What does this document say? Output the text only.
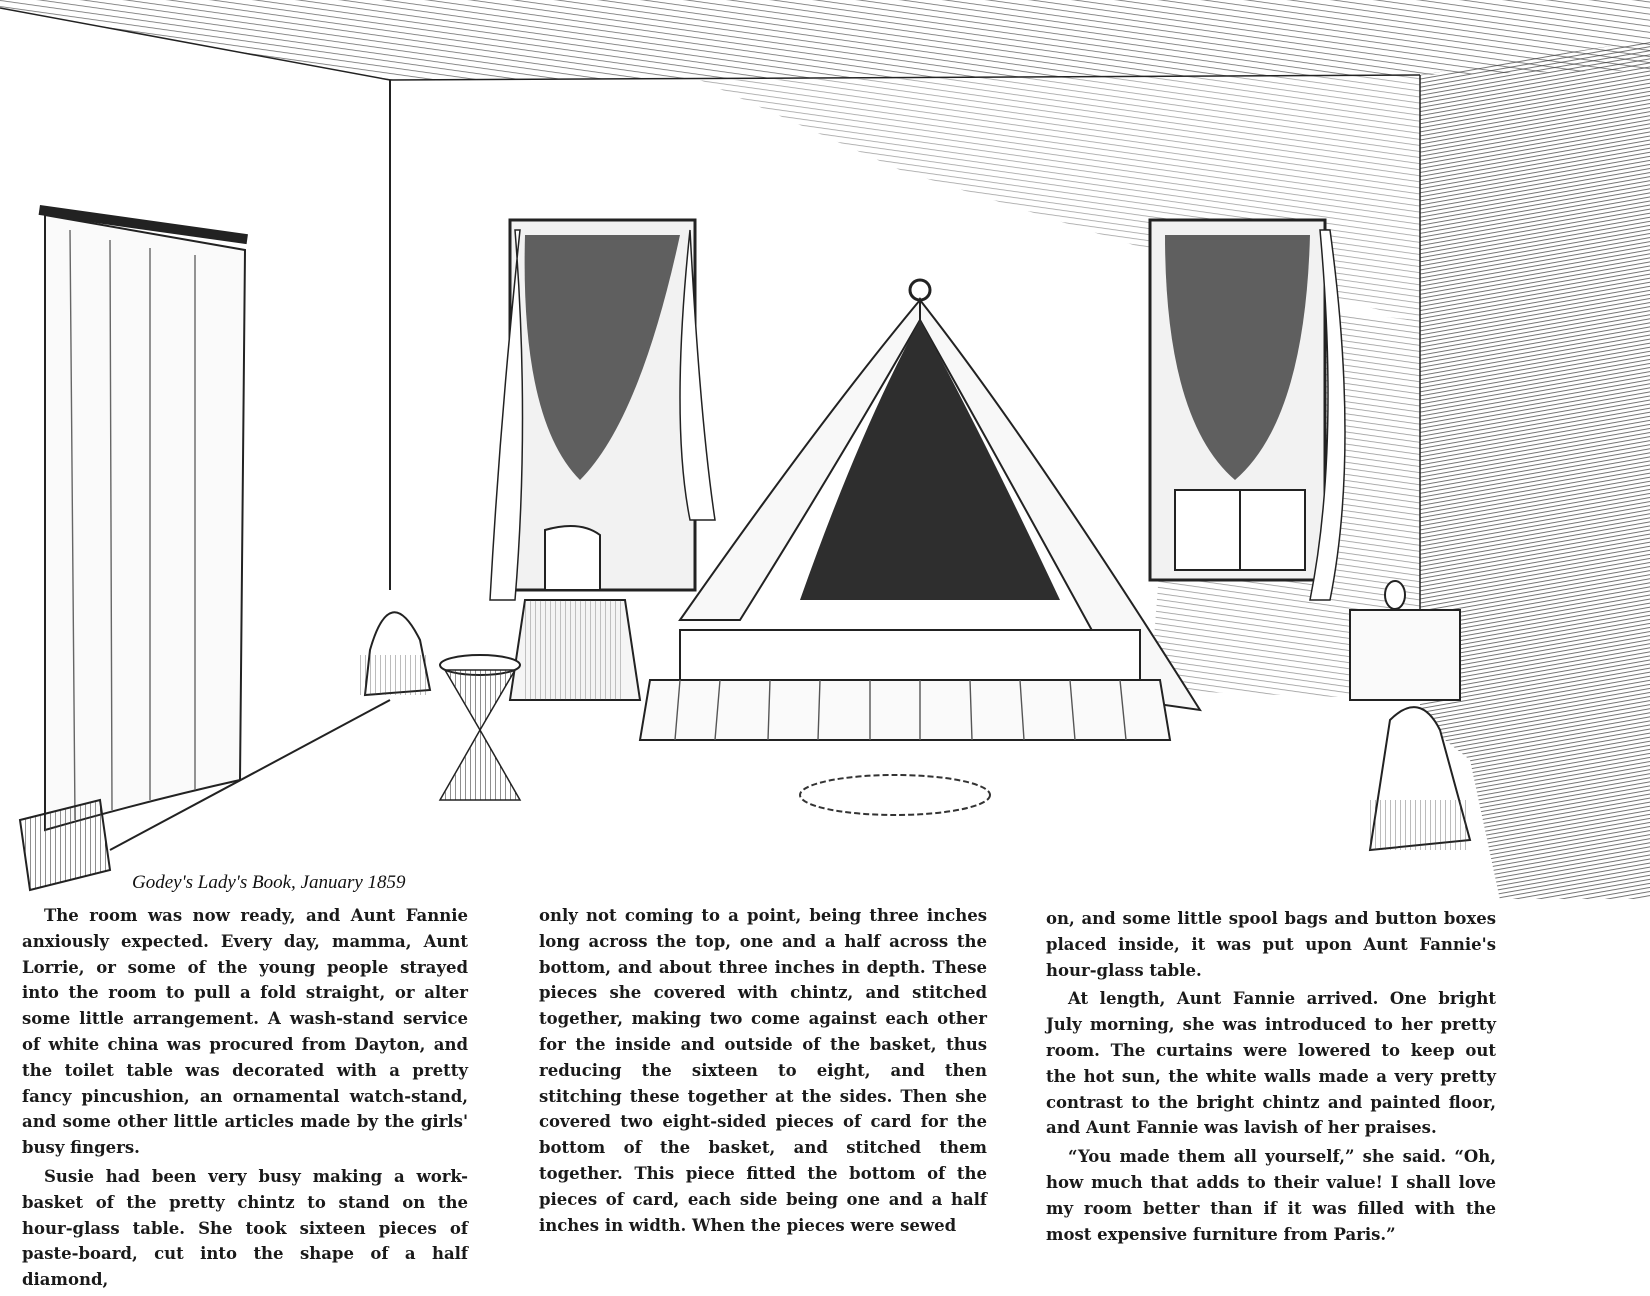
Godey's Lady's Book, January 1859

The room was now ready, and Aunt Fannie anxiously expected. Every day, mamma, Aunt Lorrie, or some of the young people strayed into the room to pull a fold straight, or alter some little arrangement. A wash-stand service of white china was procured from Dayton, and the toilet table was decorated with a pretty fancy pincushion, an ornamental watch-stand, and some other little articles made by the girls' busy fingers.

Susie had been very busy making a work-basket of the pretty chintz to stand on the hour-glass table. She took sixteen pieces of paste-board, cut into the shape of a half diamond,

only not coming to a point, being three inches long across the top, one and a half across the bottom, and about three inches in depth. These pieces she covered with chintz, and stitched together, making two come against each other for the inside and outside of the basket, thus reducing the sixteen to eight, and then stitching these together at the sides. Then she covered two eight-sided pieces of card for the bottom of the basket, and stitched them together. This piece fitted the bottom of the pieces of card, each side being one and a half inches in width. When the pieces were sewed

on, and some little spool bags and button boxes placed inside, it was put upon Aunt Fannie's hour-glass table.

At length, Aunt Fannie arrived. One bright July morning, she was introduced to her pretty room. The curtains were lowered to keep out the hot sun, the white walls made a very pretty contrast to the bright chintz and painted floor, and Aunt Fannie was lavish of her praises.

“You made them all yourself,” she said. “Oh, how much that adds to their value! I shall love my room better than if it was filled with the most expensive furniture from Paris.”
